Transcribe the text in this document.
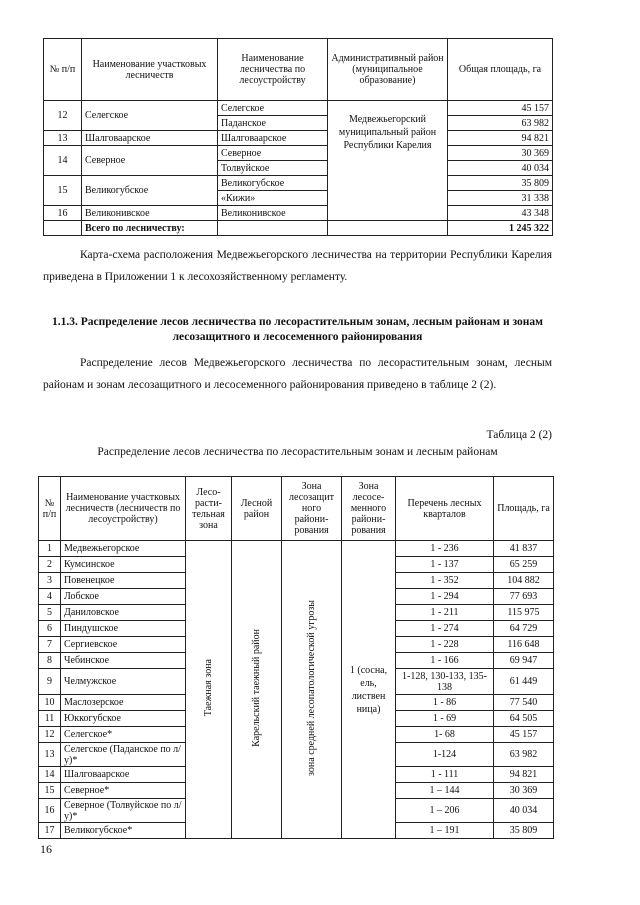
№ п/п	Наименование участковых лесничеств	Наименование лесничества по лесоустройству	Административный район (муниципальное образование)	Общая площадь, га
12	Селегское	Селегское	Медвежьегорский муниципальный район Республики Карелия	45 157
		Паданское		63 982
13	Шалговаарское	Шалговаарское		94 821
14	Северное	Северное		30 369
		Толвуйское		40 034
15	Великогубское	Великогубское		35 809
		«Кижи»		31 338
16	Великонивское	Великонивское		43 348
	Всего по лесничеству:			1 245 322
Карта-схема расположения Медвежьегорского лесничества на территории Республики Карелия приведена в Приложении 1 к лесохозяйственному регламенту.
1.1.3. Распределение лесов лесничества по лесорастительным зонам, лесным районам и зонам лесозащитного и лесосеменного районирования
Распределение лесов Медвежьегорского лесничества по лесорастительным зонам, лесным районам и зонам лесозащитного и лесосеменного районирования приведено в таблице 2 (2).
Таблица 2 (2)
Распределение лесов лесничества по лесорастительным зонам и лесным районам
№ п/п	Наименование участковых лесничеств (лесничеств по лесоустройству)	Лесо-расти-тельная зона	Лесной район	Зона лесозащит ного райони-рования	Зона лесосе-менного райони-рования	Перечень лесных кварталов	Площадь, га
1	Медвежьегорское	Таежная зона	Карельский таежный район	зона средней лесопатологической угрозы	1 (сосна, ель, листвен ница)	1 - 236	41 837
2	Кумсинское					1 - 137	65 259
3	Повенецкое					1 - 352	104 882
4	Лобское					1 - 294	77 693
5	Даниловское					1 - 211	115 975
6	Пиндушское					1 - 274	64 729
7	Сергиевское					1 - 228	116 648
8	Чебинское					1 - 166	69 947
9	Челмужское					1-128, 130-133, 135-138	61 449
10	Маслозерское					1 - 86	77 540
11	Юккогубское					1 - 69	64 505
12	Селегское*					1- 68	45 157
13	Селегское (Паданское по л/у)*					1-124	63 982
14	Шалговаарское					1 - 111	94 821
15	Северное*					1 – 144	30 369
16	Северное (Толвуйское по л/у)*					1 – 206	40 034
17	Великогубское*					1 – 191	35 809
16
